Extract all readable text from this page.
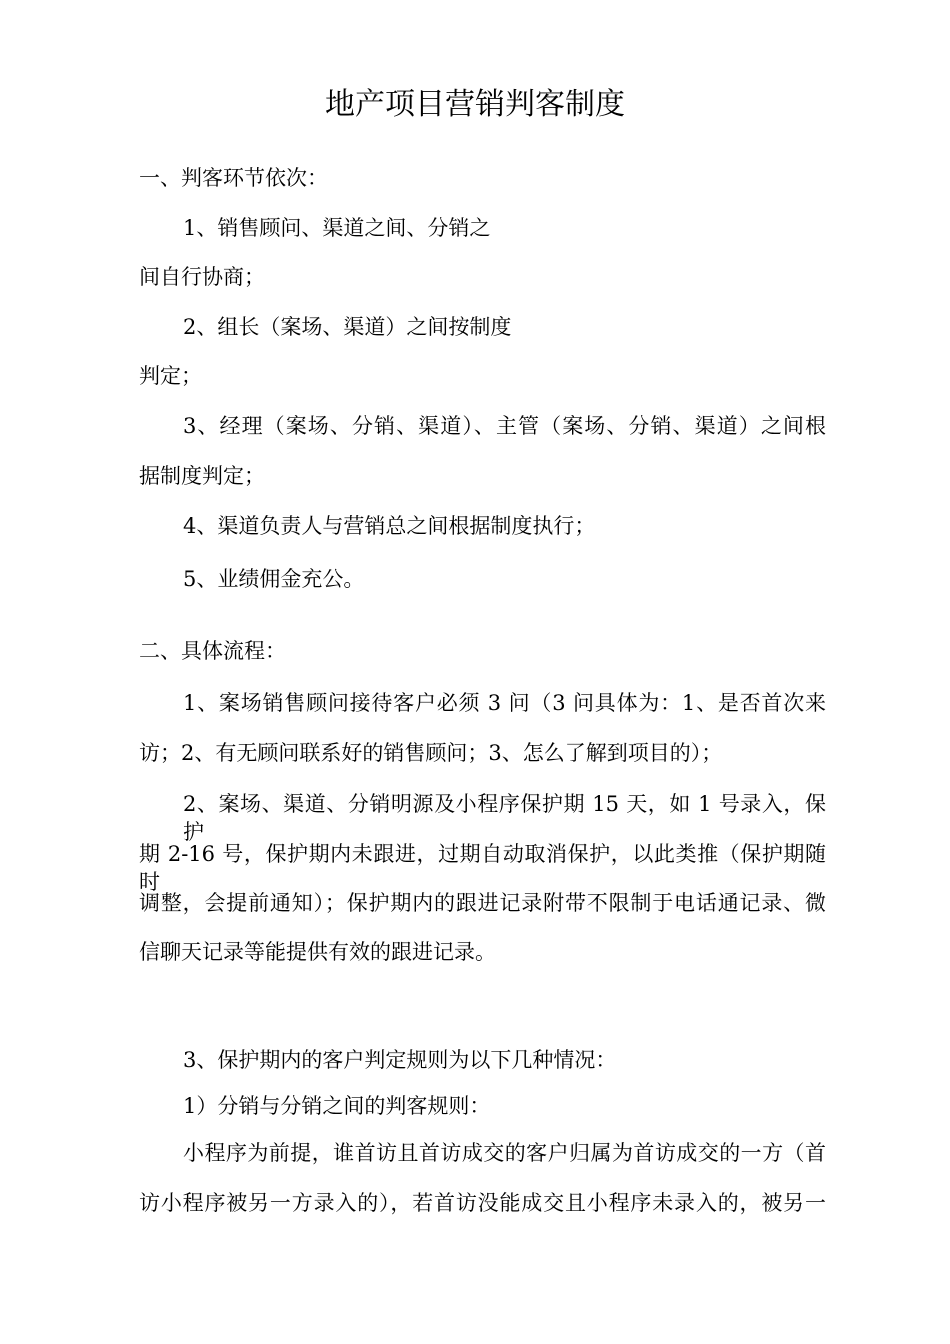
地产项目营销判客制度
一、判客环节依次：
1、销售顾问、渠道之间、分销之
间自行协商；
2、组长（案场、渠道）之间按制度
判定；
3、经理（案场、分销、渠道）、主管（案场、分销、渠道）之间根
据制度判定；
4、渠道负责人与营销总之间根据制度执行；
5、业绩佣金充公。
二、具体流程：
1、案场销售顾问接待客户必须 3 问（3 问具体为：1、是否首次来
访；2、有无顾问联系好的销售顾问；3、怎么了解到项目的）；
2、案场、渠道、分销明源及小程序保护期 15 天，如 1 号录入，保护
期 2-16 号，保护期内未跟进，过期自动取消保护，以此类推（保护期随时
调整，会提前通知）；保护期内的跟进记录附带不限制于电话通记录、微
信聊天记录等能提供有效的跟进记录。
3、保护期内的客户判定规则为以下几种情况：
1）分销与分销之间的判客规则：
小程序为前提，谁首访且首访成交的客户归属为首访成交的一方（首
访小程序被另一方录入的），若首访没能成交且小程序未录入的，被另一
